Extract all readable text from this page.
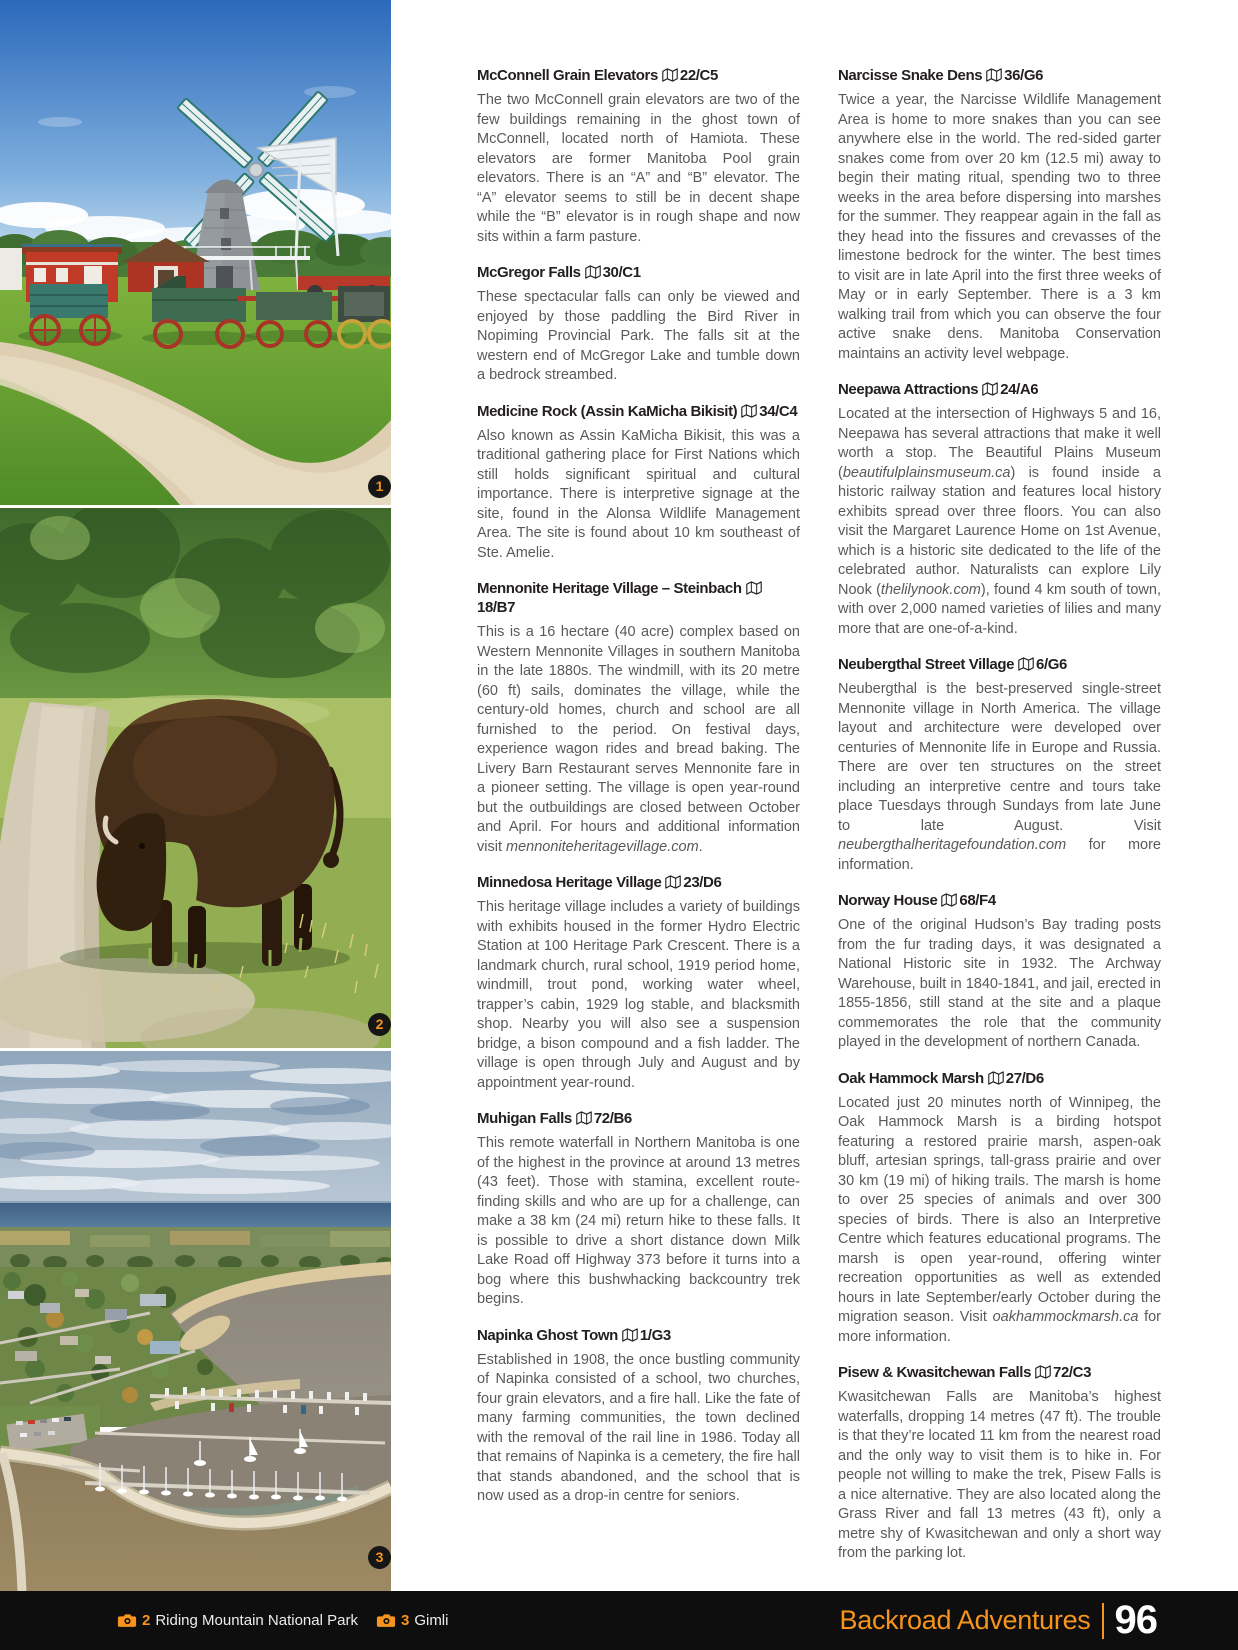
1
2
3
McConnell Grain Elevators 22/C5

The two McConnell grain elevators are two of the few buildings remaining in the ghost town of McConnell, located north of Hamiota. These elevators are former Manitoba Pool grain elevators. There is an “A” and “B” elevator. The “A” elevator seems to still be in decent shape while the “B” elevator is in rough shape and now sits within a farm pasture.

McGregor Falls 30/C1

These spectacular falls can only be viewed and enjoyed by those paddling the Bird River in Nopiming Provincial Park. The falls sit at the western end of McGregor Lake and tumble down a bedrock streambed.

Medicine Rock (Assin KaMicha Bikisit) 34/C4

Also known as Assin KaMicha Bikisit, this was a traditional gathering place for First Nations which still holds significant spiritual and cultural importance. There is interpretive signage at the site, found in the Alonsa Wildlife Management Area. The site is found about 10 km southeast of Ste. Amelie.

Mennonite Heritage Village – Steinbach18/B7

This is a 16 hectare (40 acre) complex based on Western Mennonite Villages in southern Manitoba in the late 1880s. The windmill, with its 20 metre (60 ft) sails, dominates the village, while the century-old homes, church and school are all furnished to the period. On festival days, experience wagon rides and bread baking. The Livery Barn Restaurant serves Mennonite fare in a pioneer setting. The village is open year-round but the outbuildings are closed between October and April. For hours and additional information visit mennoniteheritagevillage.com.

Minnedosa Heritage Village 23/D6

This heritage village includes a variety of buildings with exhibits housed in the former Hydro Electric Station at 100 Heritage Park Crescent. There is a landmark church, rural school, 1919 period home, windmill, trout pond, working water wheel, trapper’s cabin, 1929 log stable, and blacksmith shop. Nearby you will also see a suspension bridge, a bison compound and a fish ladder. The village is open through July and August and by appointment year-round.

Muhigan Falls 72/B6

This remote waterfall in Northern Manitoba is one of the highest in the province at around 13 metres (43 feet). Those with stamina, excellent route-finding skills and who are up for a challenge, can make a 38 km (24 mi) return hike to these falls. It is possible to drive a short distance down Milk Lake Road off Highway 373 before it turns into a bog where this bushwhacking backcountry trek begins.

Napinka Ghost Town 1/G3

Established in 1908, the once bustling community of Napinka consisted of a school, two churches, four grain elevators, and a fire hall. Like the fate of many farming communities, the town declined with the removal of the rail line in 1986. Today all that remains of Napinka is a cemetery, the fire hall that stands abandoned, and the school that is now used as a drop-in centre for seniors.

Narcisse Snake Dens 36/G6

Twice a year, the Narcisse Wildlife Management Area is home to more snakes than you can see anywhere else in the world. The red-sided garter snakes come from over 20 km (12.5 mi) away to begin their mating ritual, spending two to three weeks in the area before dispersing into marshes for the summer. They reappear again in the fall as they head into the fissures and crevasses of the limestone bedrock for the winter. The best times to visit are in late April into the first three weeks of May or in early September. There is a 3 km walking trail from which you can observe the four active snake dens. Manitoba Conservation maintains an activity level webpage.

Neepawa Attractions 24/A6

Located at the intersection of Highways 5 and 16, Neepawa has several attractions that make it well worth a stop. The Beautiful Plains Museum (beautifulplainsmuseum.ca) is found inside a historic railway station and features local history exhibits spread over three floors. You can also visit the Margaret Laurence Home on 1st Avenue, which is a historic site dedicated to the life of the celebrated author. Naturalists can explore Lily Nook (thelilynook.com), found 4 km south of town, with over 2,000 named varieties of lilies and many more that are one-of-a-kind.

Neubergthal Street Village 6/G6

Neubergthal is the best-preserved single-street Mennonite village in North America. The village layout and architecture were developed over centuries of Mennonite life in Europe and Russia. There are over ten structures on the street including an interpretive centre and tours take place Tuesdays through Sundays from late June to late August. Visit neubergthalheritagefoundation.com for more information.

Norway House 68/F4

One of the original Hudson’s Bay trading posts from the fur trading days, it was designated a National Historic site in 1932. The Archway Warehouse, built in 1840-1841, and jail, erected in 1855-1856, still stand at the site and a plaque commemorates the role that the community played in the development of northern Canada.

Oak Hammock Marsh 27/D6

Located just 20 minutes north of Winnipeg, the Oak Hammock Marsh is a birding hotspot featuring a restored prairie marsh, aspen-oak bluff, artesian springs, tall-grass prairie and over 30 km (19 mi) of hiking trails. The marsh is home to over 25 species of animals and over 300 species of birds. There is also an Interpretive Centre which features educational programs. The marsh is open year-round, offering winter recreation opportunities as well as extended hours in late September/early October during the migration season. Visit oakhammockmarsh.ca for more information.

Pisew & Kwasitchewan Falls 72/C3

Kwasitchewan Falls are Manitoba’s highest waterfalls, dropping 14 metres (47 ft). The trouble is that they’re located 11 km from the nearest road and the only way to visit them is to hike in. For people not willing to make the trek, Pisew Falls is a nice alternative. They are also located along the Grass River and fall 13 metres (43 ft), only a metre shy of Kwasitchewan and only a short way from the parking lot.

2 Riding Mountain National Park	3 Gimli	Backroad Adventures 96
